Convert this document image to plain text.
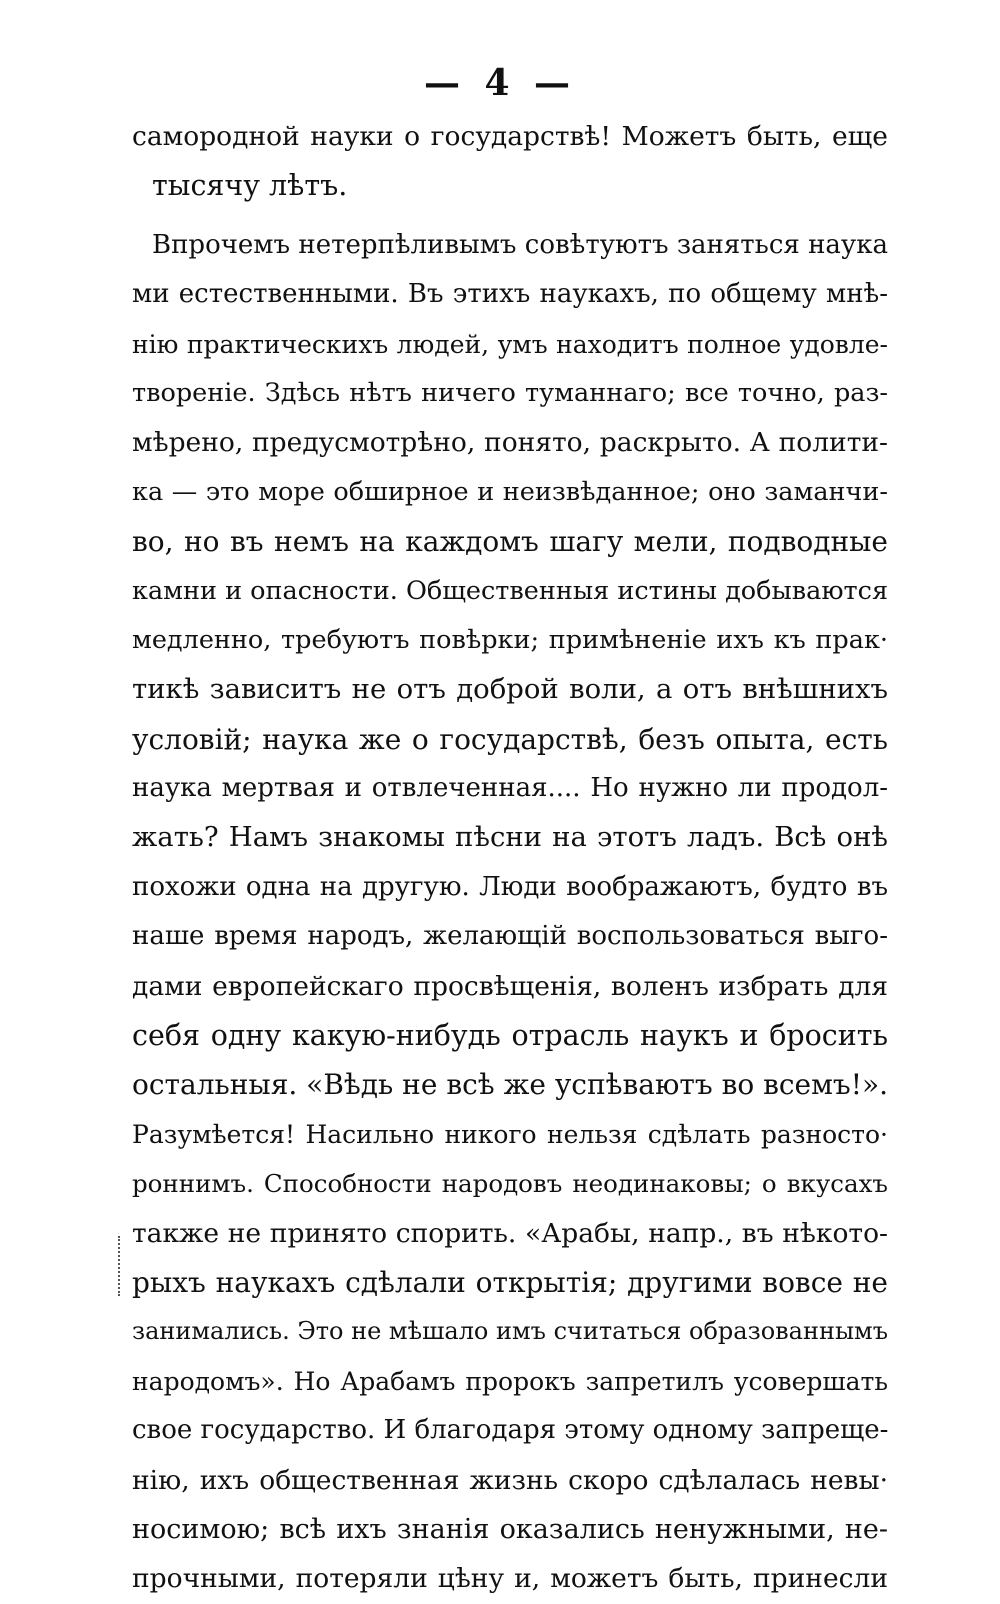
— 4 —
самородной науки о государствѣ! Можетъ быть, еще
тысячу лѣтъ.
Впрочемъ нетерпѣливымъ совѣтуютъ заняться наука
ми естественными. Въ этихъ наукахъ, по общему мнѣ-
нію практическихъ людей, умъ находитъ полное удовле-
твореніе. Здѣсь нѣтъ ничего туманнаго; все точно, раз-
мѣрено, предусмотрѣно, понято, раскрыто. А полити-
ка — это море обширное и неизвѣданное; оно заманчи-
во, но въ немъ на каждомъ шагу мели, подводные
камни и опасности. Общественныя истины добываются
медленно, требуютъ повѣрки; примѣненіе ихъ къ прак·
тикѣ зависитъ не отъ доброй воли, а отъ внѣшнихъ
условій; наука же о государствѣ, безъ опыта, есть
наука мертвая и отвлеченная.... Но нужно ли продол-
жать? Намъ знакомы пѣсни на этотъ ладъ. Всѣ онѣ
похожи одна на другую. Люди воображаютъ, будто въ
наше время народъ, желающій воспользоваться выго-
дами европейскаго просвѣщенія, воленъ избрать для
себя одну какую-нибудь отрасль наукъ и бросить
остальныя. «Вѣдь не всѣ же успѣваютъ во всемъ!».
Разумѣется! Насильно никого нельзя сдѣлать разносто·
роннимъ. Способности народовъ неодинаковы; о вкусахъ
также не принято спорить. «Арабы, напр., въ нѣкото-
рыхъ наукахъ сдѣлали открытія; другими вовсе не
занимались. Это не мѣшало имъ считаться образованнымъ
народомъ». Но Арабамъ пророкъ запретилъ усовершать
свое государство. И благодаря этому одному запреще-
нію, ихъ общественная жизнь скоро сдѣлалась невы·
носимою; всѣ ихъ знанія оказались ненужными, не-
прочными, потеряли цѣну и, можетъ быть, принесли
